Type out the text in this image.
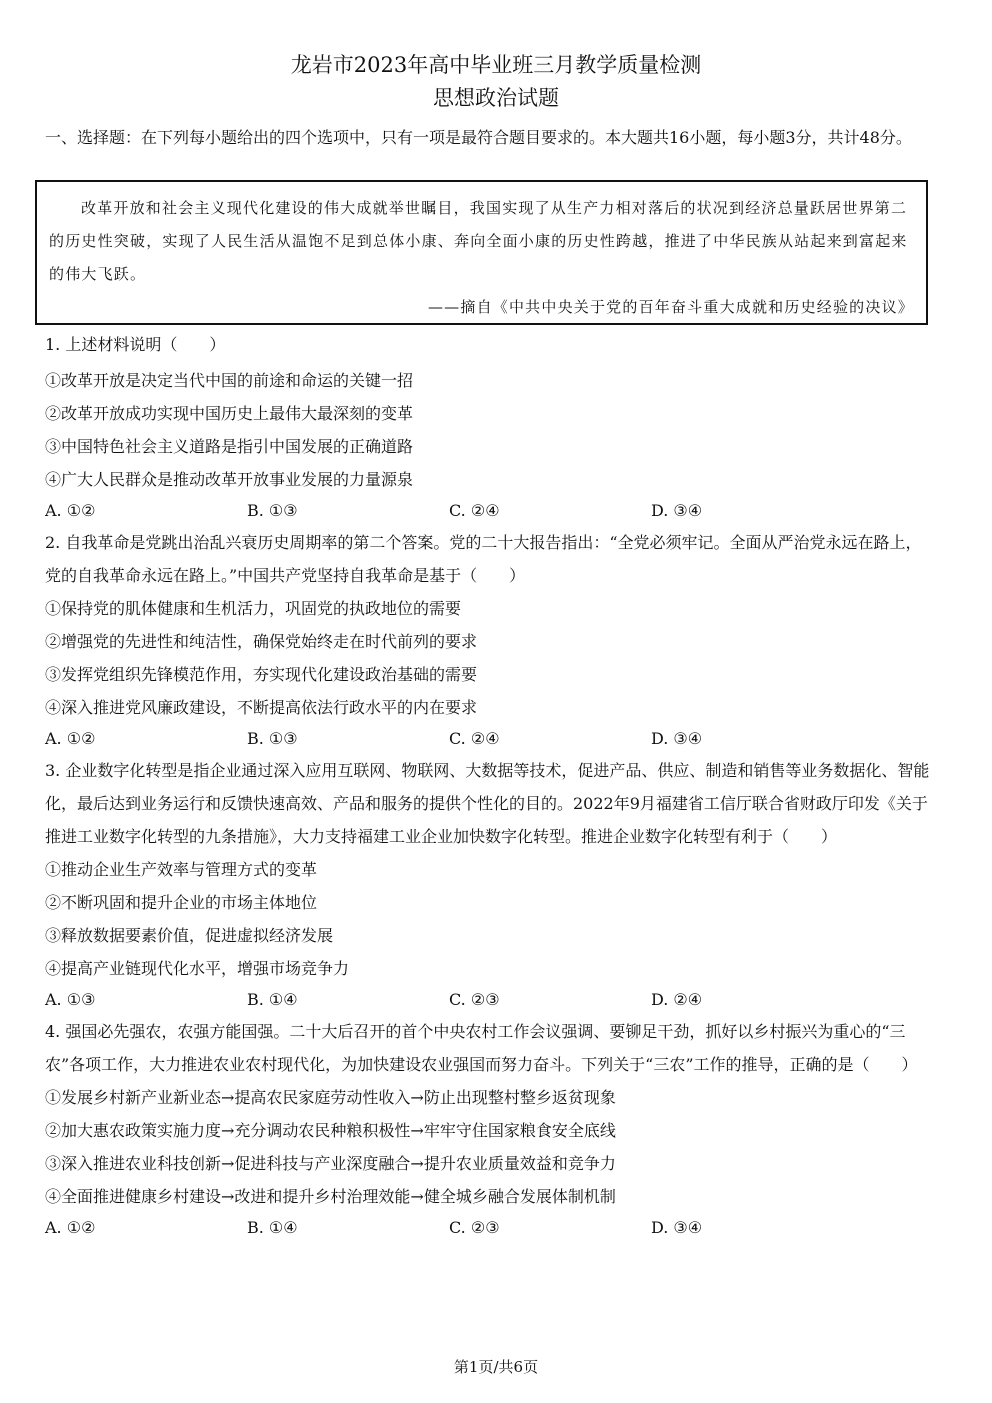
龙岩市2023年高中毕业班三月教学质量检测
思想政治试题
一、选择题：在下列每小题给出的四个选项中，只有一项是最符合题目要求的。本大题共16小题，每小题3分，共计48分。
改革开放和社会主义现代化建设的伟大成就举世瞩目，我国实现了从生产力相对落后的状况到经济总量跃居世界第二的历史性突破，实现了人民生活从温饱不足到总体小康、奔向全面小康的历史性跨越，推进了中华民族从站起来到富起来的伟大飞跃。
——摘自《中共中央关于党的百年奋斗重大成就和历史经验的决议》
1. 上述材料说明（　　）
①改革开放是决定当代中国的前途和命运的关键一招
②改革开放成功实现中国历史上最伟大最深刻的变革
③中国特色社会主义道路是指引中国发展的正确道路
④广大人民群众是推动改革开放事业发展的力量源泉
A. ①②	B. ①③	C. ②④	D. ③④
2. 自我革命是党跳出治乱兴衰历史周期率的第二个答案。党的二十大报告指出：“全党必须牢记。全面从严治党永远在路上，党的自我革命永远在路上。”中国共产党坚持自我革命是基于（　　）
①保持党的肌体健康和生机活力，巩固党的执政地位的需要
②增强党的先进性和纯洁性，确保党始终走在时代前列的要求
③发挥党组织先锋模范作用，夯实现代化建设政治基础的需要
④深入推进党风廉政建设，不断提高依法行政水平的内在要求
A. ①②	B. ①③	C. ②④	D. ③④
3. 企业数字化转型是指企业通过深入应用互联网、物联网、大数据等技术，促进产品、供应、制造和销售等业务数据化、智能化，最后达到业务运行和反馈快速高效、产品和服务的提供个性化的目的。2022年9月福建省工信厅联合省财政厅印发《关于推进工业数字化转型的九条措施》，大力支持福建工业企业加快数字化转型。推进企业数字化转型有利于（　　）
①推动企业生产效率与管理方式的变革
②不断巩固和提升企业的市场主体地位
③释放数据要素价值，促进虚拟经济发展
④提高产业链现代化水平，增强市场竞争力
A. ①③	B. ①④	C. ②③	D. ②④
4. 强国必先强农，农强方能国强。二十大后召开的首个中央农村工作会议强调、要铆足干劲，抓好以乡村振兴为重心的“三农”各项工作，大力推进农业农村现代化，为加快建设农业强国而努力奋斗。下列关于“三农”工作的推导，正确的是（　　）
①发展乡村新产业新业态→提高农民家庭劳动性收入→防止出现整村整乡返贫现象
②加大惠农政策实施力度→充分调动农民种粮积极性→牢牢守住国家粮食安全底线
③深入推进农业科技创新→促进科技与产业深度融合→提升农业质量效益和竞争力
④全面推进健康乡村建设→改进和提升乡村治理效能→健全城乡融合发展体制机制
A. ①②	B. ①④	C. ②③	D. ③④
第1页/共6页
